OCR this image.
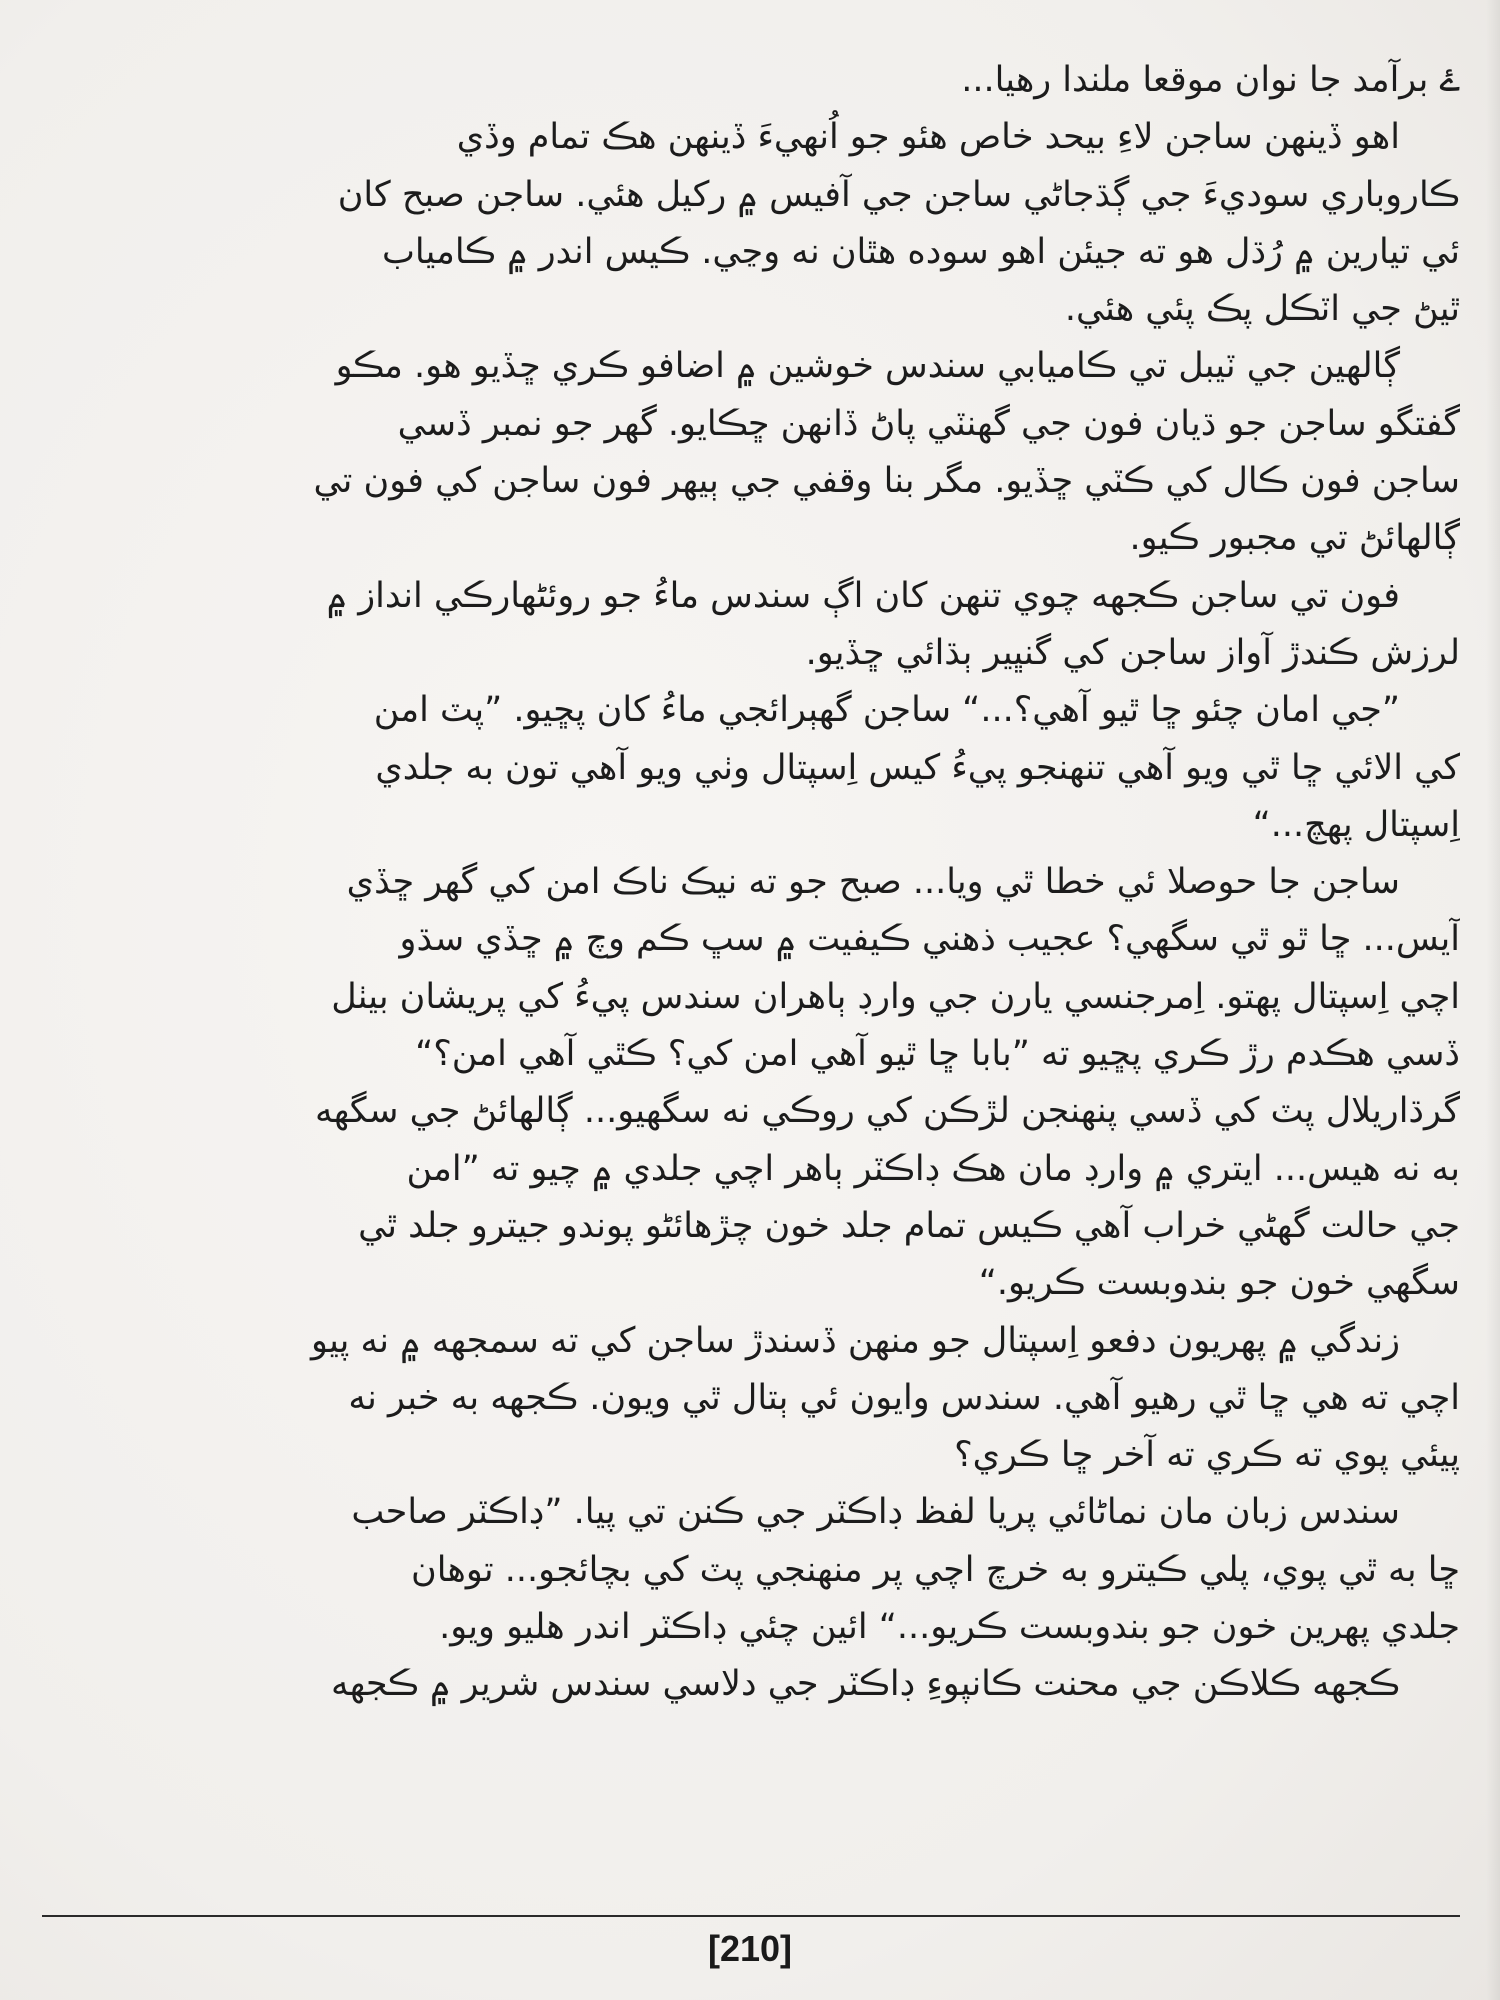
ۓ برآمد جا نوان موقعا ملندا رهيا...
اهو ڏينهن ساجن لاءِ بيحد خاص هئو جو اُنهيءَ ڏينهن هڪ تمام وڏي
ڪاروباري سوديءَ جي ڳڌجاڻي ساجن جي آفيس ۾ رکيل هئي. ساجن صبح کان
ئي تيارين ۾ رُڌل هو ته جيئن اهو سوده هٿان نه وڃي. ڪيس اندر ۾ ڪامياب
ٿيڻ جي اٽڪل پڪ پئي هئي.
ڳالهين جي ٽيبل تي ڪاميابي سندس خوشين ۾ اضافو ڪري ڇڏيو هو. مڪو
گفتگو ساجن جو ڌيان فون جي گهنٽي پاڻ ڏانهن ڇڪايو. گهر جو نمبر ڏسي
ساجن فون ڪال کي ڪٽي ڇڏيو. مگر بنا وقفي جي ٻيهر فون ساجن کي فون تي
ڳالهائڻ تي مجبور ڪيو.
فون تي ساجن ڪجهه چوي تنهن کان اڳ سندس ماءُ جو روئڻهارڪي انداز ۾
لرزش ڪندڙ آواز ساجن کي گنڀير ٻڌائي ڇڏيو.
”جي امان چئو ڇا ٿيو آهي؟...“ ساجن گهٻرائجي ماءُ کان پڇيو. ”پٽ امن
کي الائي ڇا ٿي ويو آهي تنهنجو پيءُ کيس اِسپتال وٺي ويو آهي تون به جلدي
اِسپتال پهچ...“
ساجن جا حوصلا ئي خطا ٿي ويا... صبح جو ته نيڪ ناڪ امن کي گهر ڇڏي
آيس... ڇا ٿو ٿي سگهي؟ عجيب ذهني ڪيفيت ۾ سڀ ڪم وچ ۾ ڇڏي سڌو
اچي اِسپتال پهتو. اِمرجنسي يارن جي وارڊ ٻاهران سندس پيءُ کي پريشان بيٺل
ڏسي هڪدم رڙ ڪري پڇيو ته ”بابا ڇا ٿيو آهي امن کي؟ ڪٿي آهي امن؟“
گرڌاريلال پٽ کي ڏسي پنهنجن لڙڪن کي روڪي نه سگهيو... ڳالهائڻ جي سگهه
به نه هيس... ايتري ۾ وارڊ مان هڪ ڊاڪٽر ٻاهر اچي جلدي ۾ چيو ته ”امن
جي حالت گهڻي خراب آهي ڪيس تمام جلد خون چڙهائڻو پوندو جيترو جلد ٿي
سگهي خون جو بندوبست ڪريو.“
زندگي ۾ پهريون دفعو اِسپتال جو منهن ڏسندڙ ساجن کي ته سمجهه ۾ نه پيو
اچي ته هي ڇا ٿي رهيو آهي. سندس وايون ئي ٻتال ٿي ويون. ڪجهه به خبر نه
پيئي پوي ته ڪري ته آخر ڇا ڪري؟
سندس زبان مان نماڻائي پريا لفظ ڊاڪٽر جي ڪنن تي پيا. ”ڊاڪٽر صاحب
ڇا به ٿي پوي، پلي ڪيترو به خرچ اچي پر منهنجي پٽ کي بچائجو... توهان
جلدي پهرين خون جو بندوبست ڪريو...“ ائين چئي ڊاڪٽر اندر هليو ويو.
ڪجهه ڪلاڪن جي محنت ڪانپوءِ ڊاڪٽر جي دلاسي سندس شرير ۾ ڪجهه
[210]
